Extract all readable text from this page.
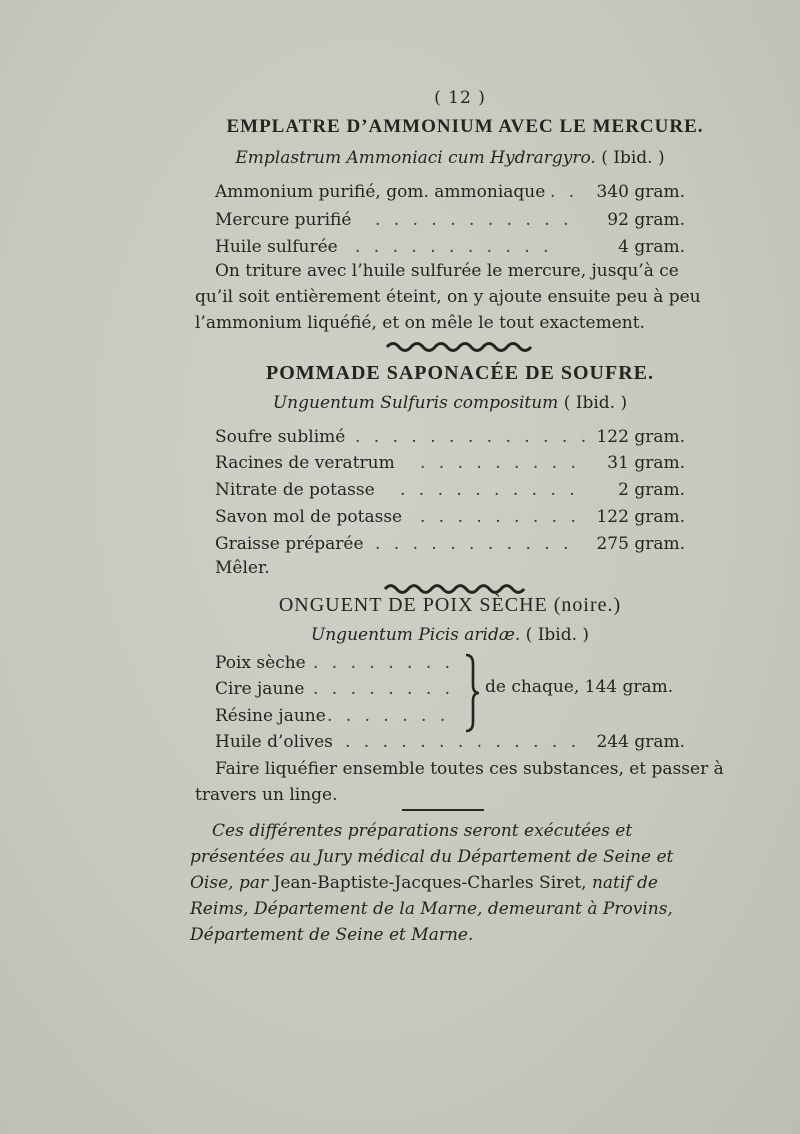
( 12 )
EMPLATRE D’AMMONIUM AVEC LE MERCURE.
Emplastrum Ammoniaci cum Hydrargyro. ( Ibid. )
Ammonium purifié, gom. ammoniaque . . 340 gram.
Mercure purifié . . . . . . . . . . . 92 gram.
Huile sulfurée . . . . . . . . . . .	4 gram.
On triture avec l’huile sulfurée le mercure, jusqu’à ce qu’il soit entièrement éteint, on y ajoute ensuite peu à peu l’ammonium liquéfié, et on mêle le tout exactement.
POMMADE SAPONACÉE DE SOUFRE.
Unguentum Sulfuris compositum ( Ibid. )
Soufre sublimé . . . . . . . . . . . . . 122 gram.
Racines de veratrum . . . . . . . . . 31 gram.
Nitrate de potasse . . . . . . . . . . 2 gram.
Savon mol de potasse . . . . . . . . . 122 gram.
Graisse préparée . . . . . . . . . . . 275 gram.
Mêler.
ONGUENT DE POIX SÈCHE (noire.)
Unguentum Picis aridæ. ( Ibid. )
Poix sèche . . . . . . . .
Cire jaune . . . . . . . .
Résine jaune . . . . . . .
de chaque, 144 gram.
Huile d’olives . . . . . . . . . . . . . 244 gram.
Faire liquéfier ensemble toutes ces substances, et passer à travers un linge.
Ces différentes préparations seront exécutées et présentées au Jury médical du Département de Seine et Oise, par Jean-Baptiste-Jacques-Charles Siret, natif de Reims, Département de la Marne, demeurant à Provins, Département de Seine et Marne.
